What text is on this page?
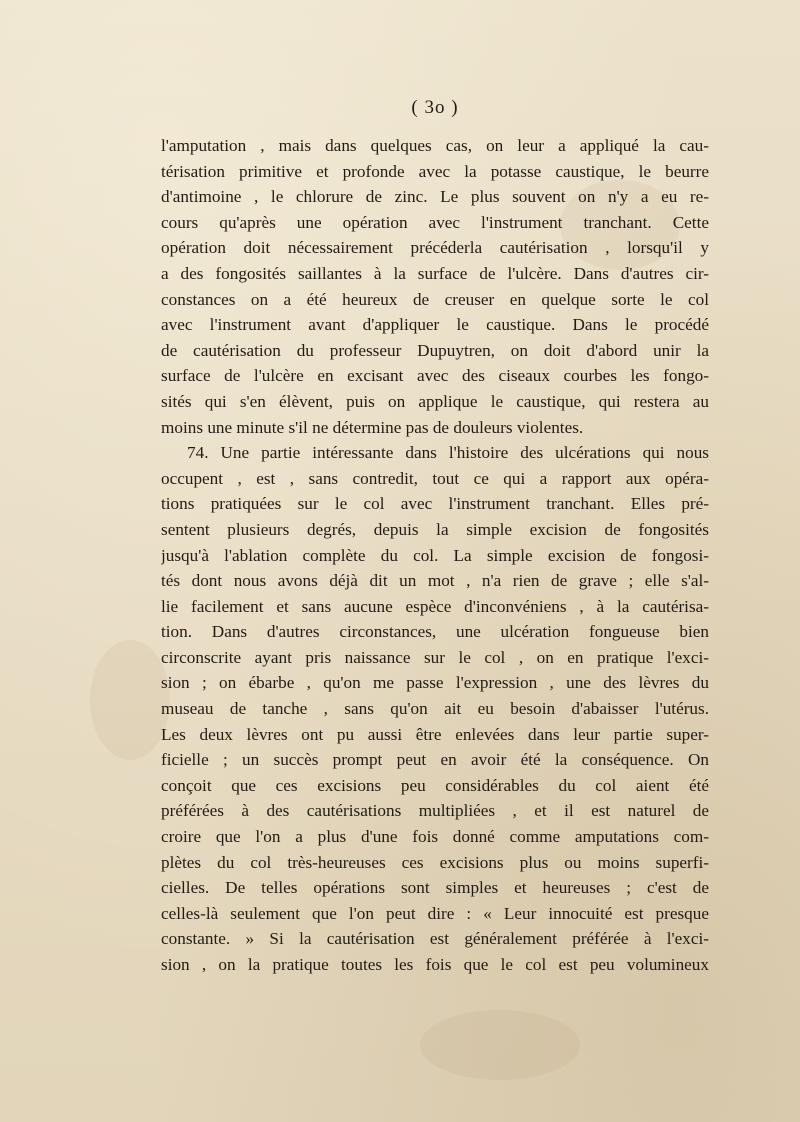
( 3o )
l'amputation , mais dans quelques cas, on leur a appliqué la cau-
térisation primitive et profonde avec la potasse caustique, le beurre
d'antimoine , le chlorure de zinc. Le plus souvent on n'y a eu re-
cours qu'après une opération avec l'instrument tranchant. Cette
opération doit nécessairement précéderla cautérisation , lorsqu'il y
a des fongosités saillantes à la surface de l'ulcère. Dans d'autres cir-
constances on a été heureux de creuser en quelque sorte le col
avec l'instrument avant d'appliquer le caustique. Dans le procédé
de cautérisation du professeur Dupuytren, on doit d'abord unir la
surface de l'ulcère en excisant avec des ciseaux courbes les fongo-
sités qui s'en élèvent, puis on applique le caustique, qui restera au
moins une minute s'il ne détermine pas de douleurs violentes.
74. Une partie intéressante dans l'histoire des ulcérations qui nous
occupent , est , sans contredit, tout ce qui a rapport aux opéra-
tions pratiquées sur le col avec l'instrument tranchant. Elles pré-
sentent plusieurs degrés, depuis la simple excision de fongosités
jusqu'à l'ablation complète du col. La simple excision de fongosi-
tés dont nous avons déjà dit un mot , n'a rien de grave ; elle s'al-
lie facilement et sans aucune espèce d'inconvéniens , à la cautérisa-
tion. Dans d'autres circonstances, une ulcération fongueuse bien
circonscrite ayant pris naissance sur le col , on en pratique l'exci-
sion ; on ébarbe , qu'on me passe l'expression , une des lèvres du
museau de tanche , sans qu'on ait eu besoin d'abaisser l'utérus.
Les deux lèvres ont pu aussi être enlevées dans leur partie super-
ficielle ; un succès prompt peut en avoir été la conséquence. On
conçoit que ces excisions peu considérables du col aient été
préférées à des cautérisations multipliées , et il est naturel de
croire que l'on a plus d'une fois donné comme amputations com-
plètes du col très-heureuses ces excisions plus ou moins superfi-
cielles. De telles opérations sont simples et heureuses ; c'est de
celles-là seulement que l'on peut dire : « Leur innocuité est presque
constante. » Si la cautérisation est généralement préférée à l'exci-
sion , on la pratique toutes les fois que le col est peu volumineux
